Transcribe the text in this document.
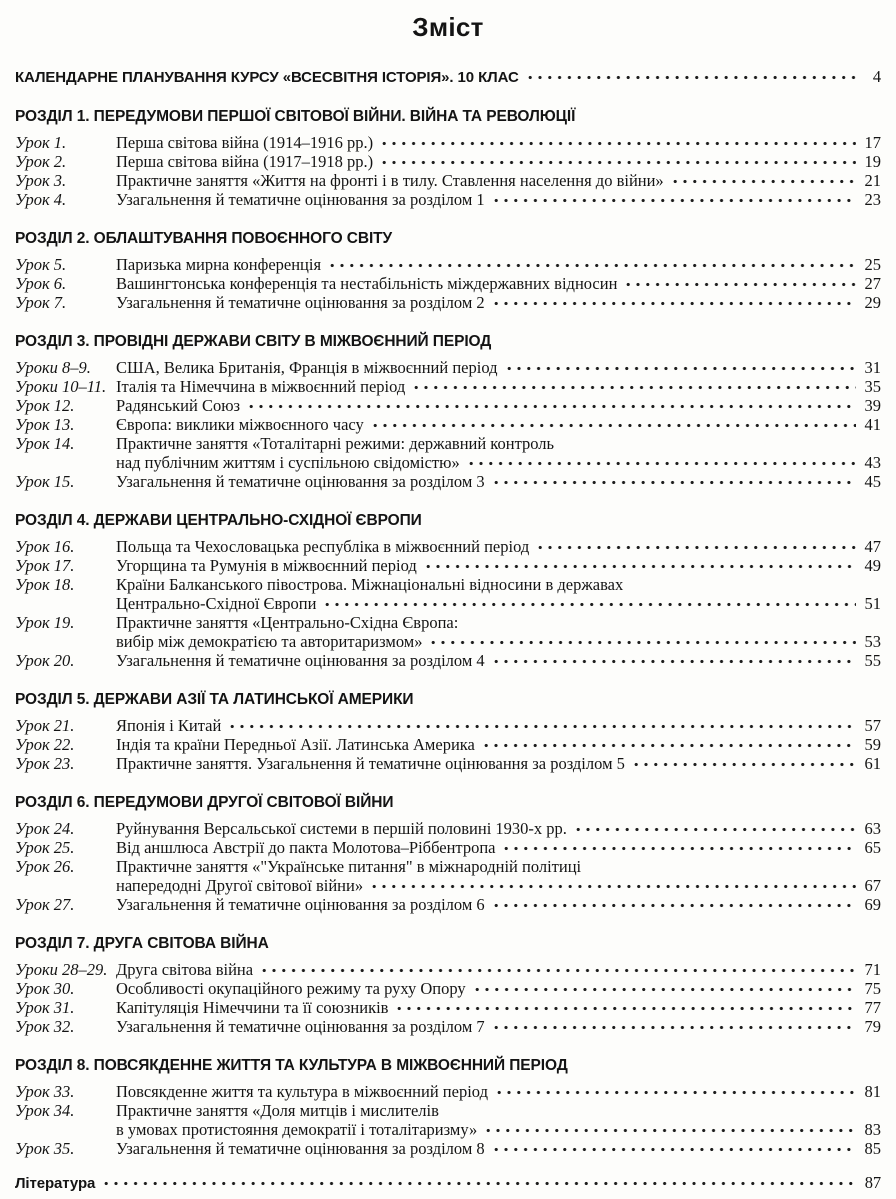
Зміст
КАЛЕНДАРНЕ ПЛАНУВАННЯ КУРСУ «ВСЕСВІТНЯ ІСТОРІЯ». 10 КЛАС	4
РОЗДІЛ 1. ПЕРЕДУМОВИ ПЕРШОЇ СВІТОВОЇ ВІЙНИ. ВІЙНА ТА РЕВОЛЮЦІЇ
Урок 1.	Перша світова війна (1914–1916 рр.)	17
Урок 2.	Перша світова війна (1917–1918 рр.)	19
Урок 3.	Практичне заняття «Життя на фронті і в тилу. Ставлення населення до війни»	21
Урок 4.	Узагальнення й тематичне оцінювання за розділом 1	23
РОЗДІЛ 2. ОБЛАШТУВАННЯ ПОВОЄННОГО СВІТУ
Урок 5.	Паризька мирна конференція	25
Урок 6.	Вашингтонська конференція та нестабільність міждержавних відносин	27
Урок 7.	Узагальнення й тематичне оцінювання за розділом 2	29
РОЗДІЛ 3. ПРОВІДНІ ДЕРЖАВИ СВІТУ В МІЖВОЄННИЙ ПЕРІОД
Уроки 8–9.	США, Велика Британія, Франція в міжвоєнний період	31
Уроки 10–11. Італія та Німеччина в міжвоєнний період	35
Урок 12.	Радянський Союз	39
Урок 13.	Європа: виклики міжвоєнного часу	41
Урок 14.	Практичне заняття «Тоталітарні режими: державний контроль
над публічним життям і суспільною свідомістю»	43
Урок 15.	Узагальнення й тематичне оцінювання за розділом 3	45
РОЗДІЛ 4. ДЕРЖАВИ ЦЕНТРАЛЬНО-СХІДНОЇ ЄВРОПИ
Урок 16.	Польща та Чехословацька республіка в міжвоєнний період	47
Урок 17.	Угорщина та Румунія в міжвоєнний період	49
Урок 18.	Країни Балканського півострова. Міжнаціональні відносини в державах
Центрально-Східної Європи	51
Урок 19.	Практичне заняття «Центрально-Східна Європа:
вибір між демократією та авторитаризмом»	53
Урок 20.	Узагальнення й тематичне оцінювання за розділом 4	55
РОЗДІЛ 5. ДЕРЖАВИ АЗІЇ ТА ЛАТИНСЬКОЇ АМЕРИКИ
Урок 21.	Японія і Китай	57
Урок 22.	Індія та країни Передньої Азії. Латинська Америка	59
Урок 23.	Практичне заняття. Узагальнення й тематичне оцінювання за розділом 5	61
РОЗДІЛ 6. ПЕРЕДУМОВИ ДРУГОЇ СВІТОВОЇ ВІЙНИ
Урок 24.	Руйнування Версальської системи в першій половині 1930-х рр.	63
Урок 25.	Від аншлюса Австрії до пакта Молотова–Ріббентропа	65
Урок 26.	Практичне заняття «"Українське питання" в міжнародній політиці
напередодні Другої світової війни»	67
Урок 27.	Узагальнення й тематичне оцінювання за розділом 6	69
РОЗДІЛ 7. ДРУГА СВІТОВА ВІЙНА
Уроки 28–29. Друга світова війна	71
Урок 30.	Особливості окупаційного режиму та руху Опору	75
Урок 31.	Капітуляція Німеччини та її союзників	77
Урок 32.	Узагальнення й тематичне оцінювання за розділом 7	79
РОЗДІЛ 8. ПОВСЯКДЕННЕ ЖИТТЯ ТА КУЛЬТУРА В МІЖВОЄННИЙ ПЕРІОД
Урок 33.	Повсякденне життя та культура в міжвоєнний період	81
Урок 34.	Практичне заняття «Доля митців і мислителів
в умовах протистояння демократії і тоталітаризму»	83
Урок 35.	Узагальнення й тематичне оцінювання за розділом 8	85
Література	87
